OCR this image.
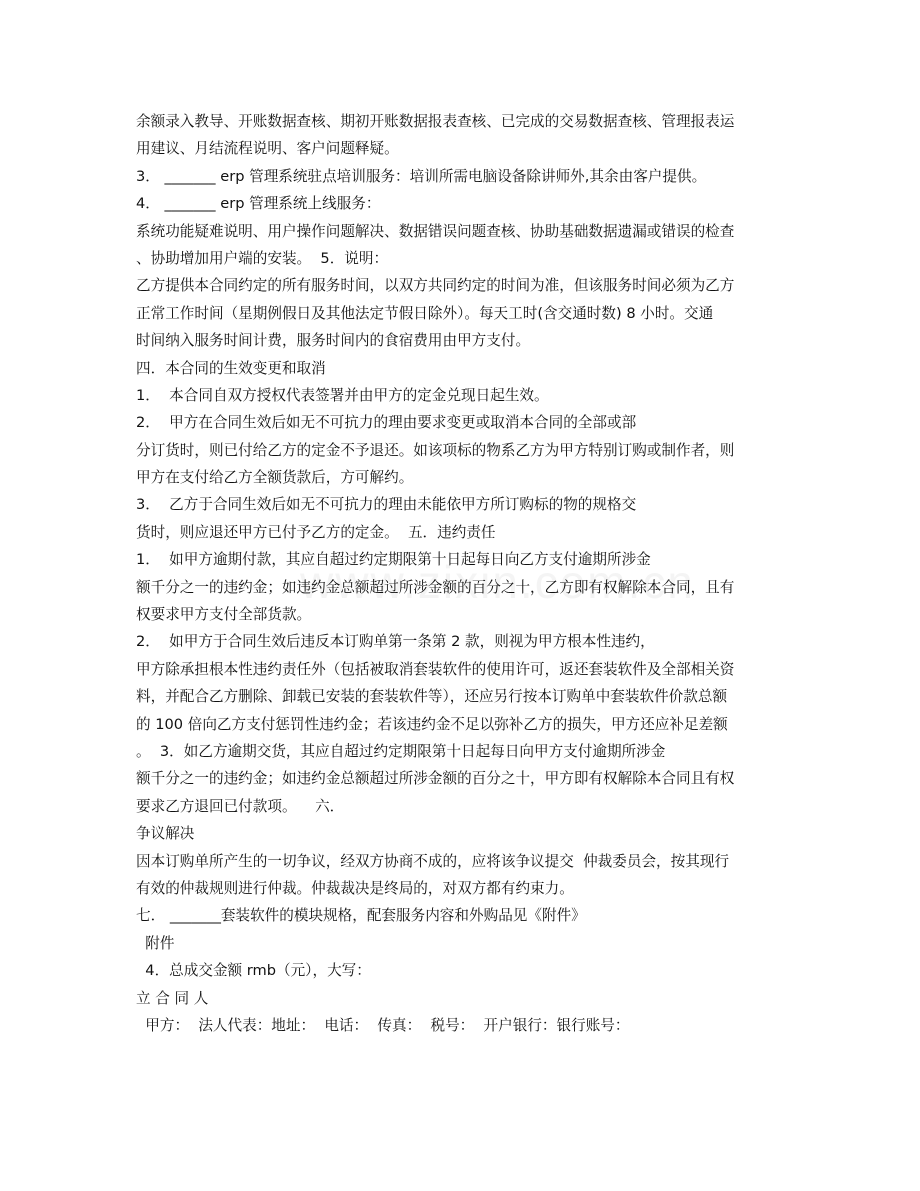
余额录入教导、开账数据查核、期初开账数据报表查核、已完成的交易数据查核、管理报表运
用建议、月结流程说明、客户问题释疑。
3． _______ erp 管理系统驻点培训服务：培训所需电脑设备除讲师外,其余由客户提供。
4． _______ erp 管理系统上线服务：
系统功能疑难说明、用户操作问题解决、数据错误问题查核、协助基础数据遗漏或错误的检查
、协助增加用户端的安装。  5．说明：
乙方提供本合同约定的所有服务时间，以双方共同约定的时间为准，但该服务时间必须为乙方
正常工作时间（星期例假日及其他法定节假日除外）。每天工时(含交通时数) 8 小时。交通
时间纳入服务时间计费，服务时间内的食宿费用由甲方支付。
四．本合同的生效变更和取消
1．  本合同自双方授权代表签署并由甲方的定金兑现日起生效。
2．  甲方在合同生效后如无不可抗力的理由要求变更或取消本合同的全部或部
分订货时，则已付给乙方的定金不予退还。如该项标的物系乙方为甲方特别订购或制作者，则
甲方在支付给乙方全额货款后，方可解约。
3．  乙方于合同生效后如无不可抗力的理由未能依甲方所订购标的物的规格交
货时，则应退还甲方已付予乙方的定金。  五．违约责任
1．  如甲方逾期付款，其应自超过约定期限第十日起每日向乙方支付逾期所涉金
额千分之一的违约金；如违约金总额超过所涉金额的百分之十，乙方即有权解除本合同，且有
权要求甲方支付全部货款。
2．  如甲方于合同生效后违反本订购单第一条第 2 款，则视为甲方根本性违约，
甲方除承担根本性违约责任外（包括被取消套装软件的使用许可，返还套装软件及全部相关资
料，并配合乙方删除、卸载已安装的套装软件等），还应另行按本订购单中套装软件价款总额
的 100 倍向乙方支付惩罚性违约金；若该违约金不足以弥补乙方的损失，甲方还应补足差额
。  3．如乙方逾期交货，其应自超过约定期限第十日起每日向甲方支付逾期所涉金
额千分之一的违约金；如违约金总额超过所涉金额的百分之十，甲方即有权解除本合同且有权
要求乙方退回已付款项。    六．
争议解决
因本订购单所产生的一切争议，经双方协商不成的，应将该争议提交  仲裁委员会，按其现行
有效的仲裁规则进行仲裁。仲裁裁决是终局的，对双方都有约束力。
七． _______套装软件的模块规格，配套服务内容和外购品见《附件》
附件
4．总成交金额 rmb（元），大写：
立 合 同 人
甲方：  法人代表：地址：  电话：  传真：  税号：  开户银行：银行账号：
